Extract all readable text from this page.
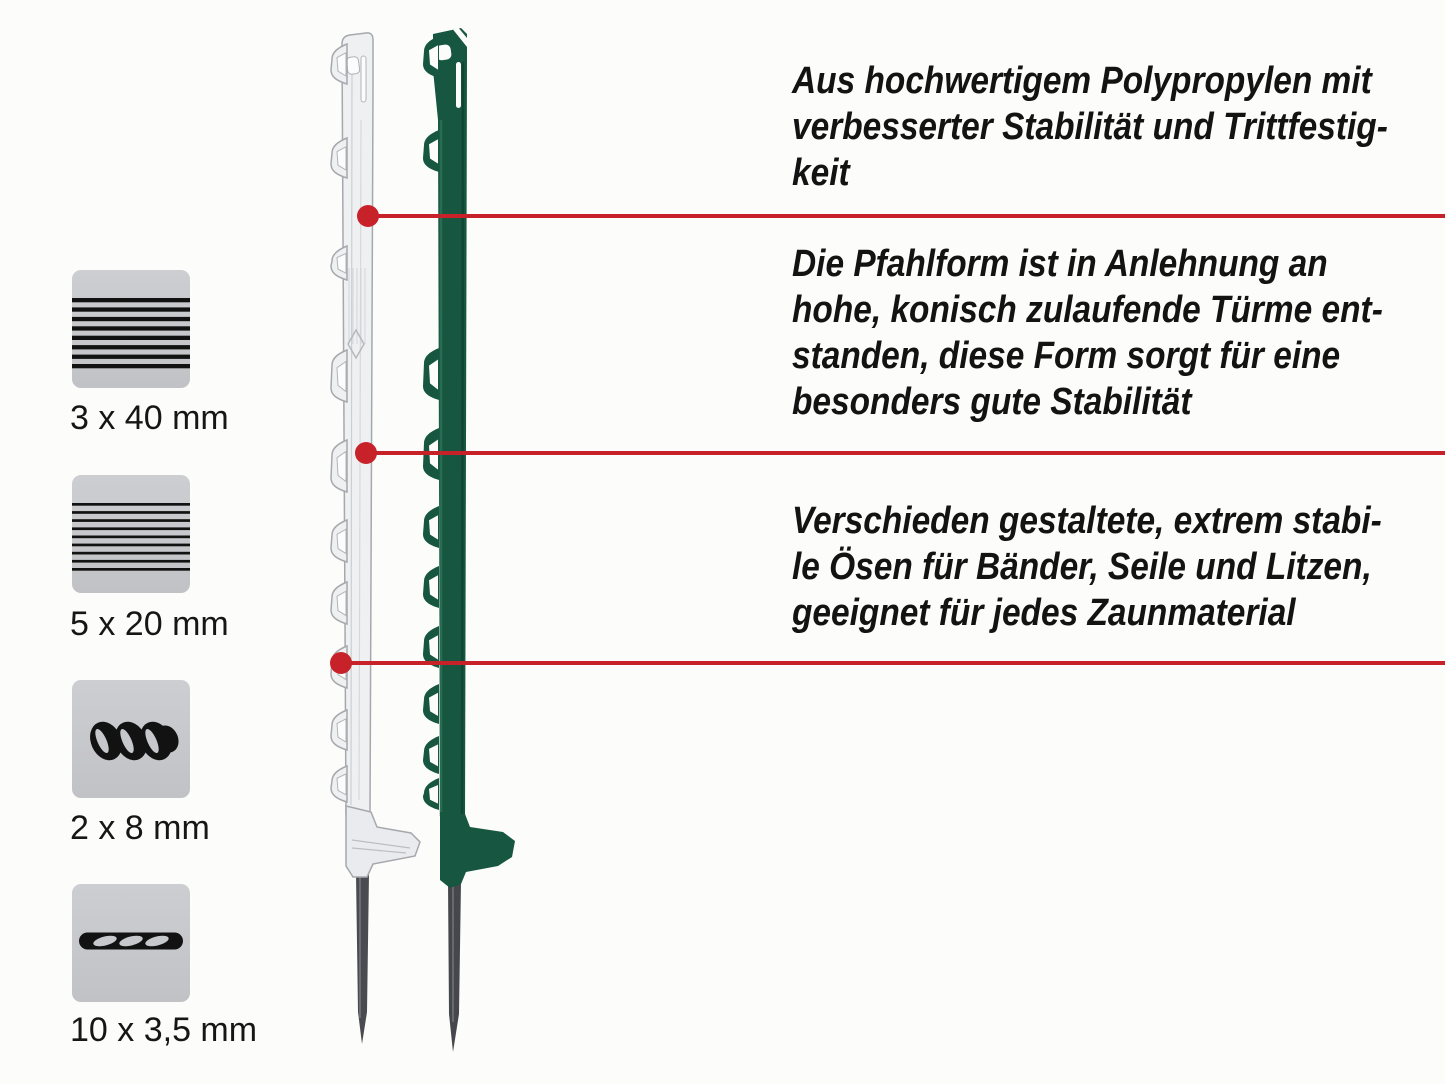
3 x 40 mm
5 x 20 mm
2 x 8 mm
10 x 3,5 mm
Aus hochwertigem Polypropylen mit
verbesserter Stabilität und Trittfestig-
keit
Die Pfahlform ist in Anlehnung an
hohe, konisch zulaufende Türme ent-
standen, diese Form sorgt für eine
besonders gute Stabilität
Verschieden gestaltete, extrem stabi-
le Ösen für Bänder, Seile und Litzen,
geeignet für jedes Zaunmaterial
